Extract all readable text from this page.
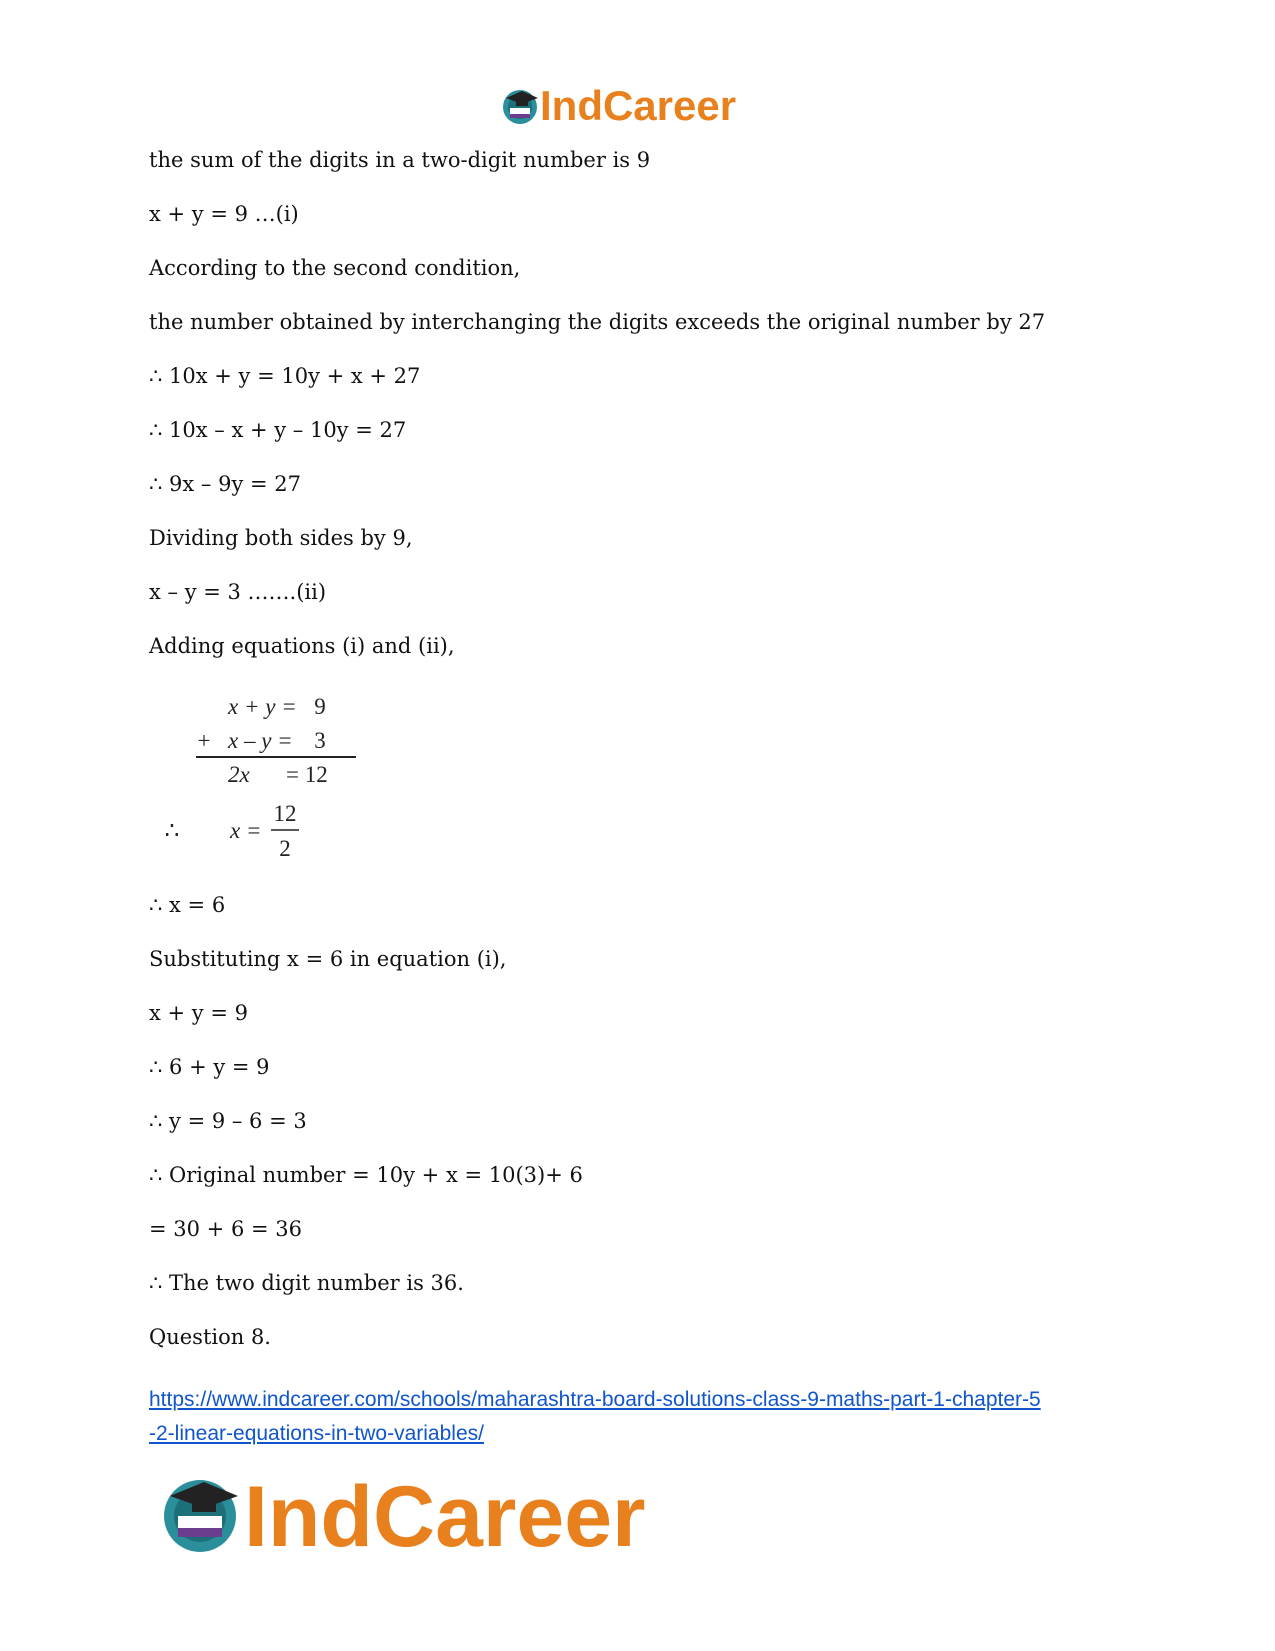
IndCareer
the sum of the digits in a two-digit number is 9
x + y = 9 …(i)
According to the second condition,
the number obtained by interchanging the digits exceeds the original number by 27
∴ 10x + y = 10y + x + 27
∴ 10x – x + y – 10y = 27
∴ 9x – 9y = 27
Dividing both sides by 9,
x – y = 3 …….(ii)
Adding equations (i) and (ii),
x + y = 9
+ x – y = 3
2x = 12
∴ x =
12
2
∴ x = 6
Substituting x = 6 in equation (i),
x + y = 9
∴ 6 + y = 9
∴ y = 9 – 6 = 3
∴ Original number = 10y + x = 10(3)+ 6
= 30 + 6 = 36
∴ The two digit number is 36.
Question 8.
https://www.indcareer.com/schools/maharashtra-board-solutions-class-9-maths-part-1-chapter-5
-2-linear-equations-in-two-variables/
IndCareer
